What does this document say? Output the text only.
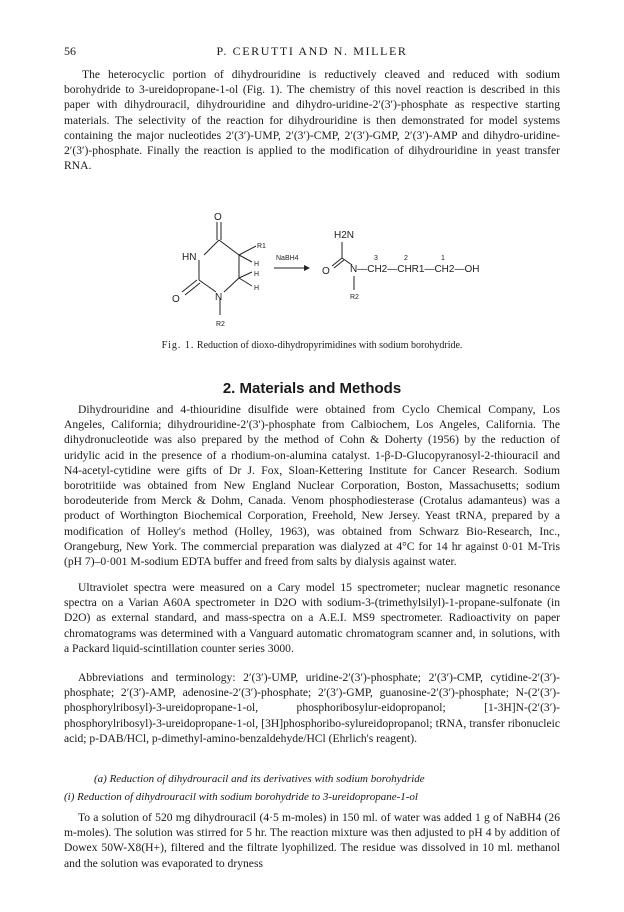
56	P. CERUTTI AND N. MILLER

The heterocyclic portion of dihydrouridine is reductively cleaved and reduced with sodium borohydride to 3-ureidopropane-1-ol (Fig. 1). The chemistry of this novel reaction is described in this paper with dihydrouracil, dihydrouridine and dihydro-uridine-2′(3′)-phosphate as respective starting materials. The selectivity of the reaction for dihydrouridine is then demonstrated for model systems containing the major nucleotides 2′(3′)-UMP, 2′(3′)-CMP, 2′(3′)-GMP, 2′(3′)-AMP and dihydro-uridine-2′(3′)-phosphate. Finally the reaction is applied to the modification of dihydrouridine in yeast transfer RNA.

O
HN
N
O
R1
H
H
H
R2
NaBH4
H2N
O N—CH2—CHR1—CH2—OH
3	2	1
R2
Fig. 1. Reduction of dioxo-dihydropyrimidines with sodium borohydride.
2. Materials and Methods

Dihydrouridine and 4-thiouridine disulfide were obtained from Cyclo Chemical Company, Los Angeles, California; dihydrouridine-2′(3′)-phosphate from Calbiochem, Los Angeles, California. The dihydronucleotide was also prepared by the method of Cohn & Doherty (1956) by the reduction of uridylic acid in the presence of a rhodium-on-alumina catalyst. 1-β-D-Glucopyranosyl-2-thiouracil and N4-acetyl-cytidine were gifts of Dr J. Fox, Sloan-Kettering Institute for Cancer Research. Sodium borotritiide was obtained from New England Nuclear Corporation, Boston, Massachusetts; sodium borodeuteride from Merck & Dohm, Canada. Venom phosphodiesterase (Crotalus adamanteus) was a product of Worthington Biochemical Corporation, Freehold, New Jersey. Yeast tRNA, prepared by a modification of Holley's method (Holley, 1963), was obtained from Schwarz Bio-Research, Inc., Orangeburg, New York. The commercial preparation was dialyzed at 4°C for 14 hr against 0·01 M-Tris (pH 7)–0·001 M-sodium EDTA buffer and freed from salts by dialysis against water.

Ultraviolet spectra were measured on a Cary model 15 spectrometer; nuclear magnetic resonance spectra on a Varian A60A spectrometer in D2O with sodium-3-(trimethylsilyl)-1-propane-sulfonate (in D2O) as external standard, and mass-spectra on a A.E.I. MS9 spectrometer. Radioactivity on paper chromatograms was determined with a Vanguard automatic chromatogram scanner and, in solutions, with a Packard liquid-scintillation counter series 3000.

Abbreviations and terminology: 2′(3′)-UMP, uridine-2′(3′)-phosphate; 2′(3′)-CMP, cytidine-2′(3′)-phosphate; 2′(3′)-AMP, adenosine-2′(3′)-phosphate; 2′(3′)-GMP, guanosine-2′(3′)-phosphate; N-(2′(3′)-phosphorylribosyl)-3-ureidopropane-1-ol, phosphoribosylur-eidopropanol; [1-3H]N-(2′(3′)-phosphorylribosyl)-3-ureidopropane-1-ol, [3H]phosphoribo-sylureidopropanol; tRNA, transfer ribonucleic acid; p-DAB/HCl, p-dimethyl-amino-benzaldehyde/HCl (Ehrlich's reagent).

(a) Reduction of dihydrouracil and its derivatives with sodium borohydride
(i) Reduction of dihydrouracil with sodium borohydride to 3-ureidopropane-1-ol

To a solution of 520 mg dihydrouracil (4·5 m-moles) in 150 ml. of water was added 1 g of NaBH4 (26 m-moles). The solution was stirred for 5 hr. The reaction mixture was then adjusted to pH 4 by addition of Dowex 50W-X8(H+), filtered and the filtrate lyophilized. The residue was dissolved in 10 ml. methanol and the solution was evaporated to dryness
